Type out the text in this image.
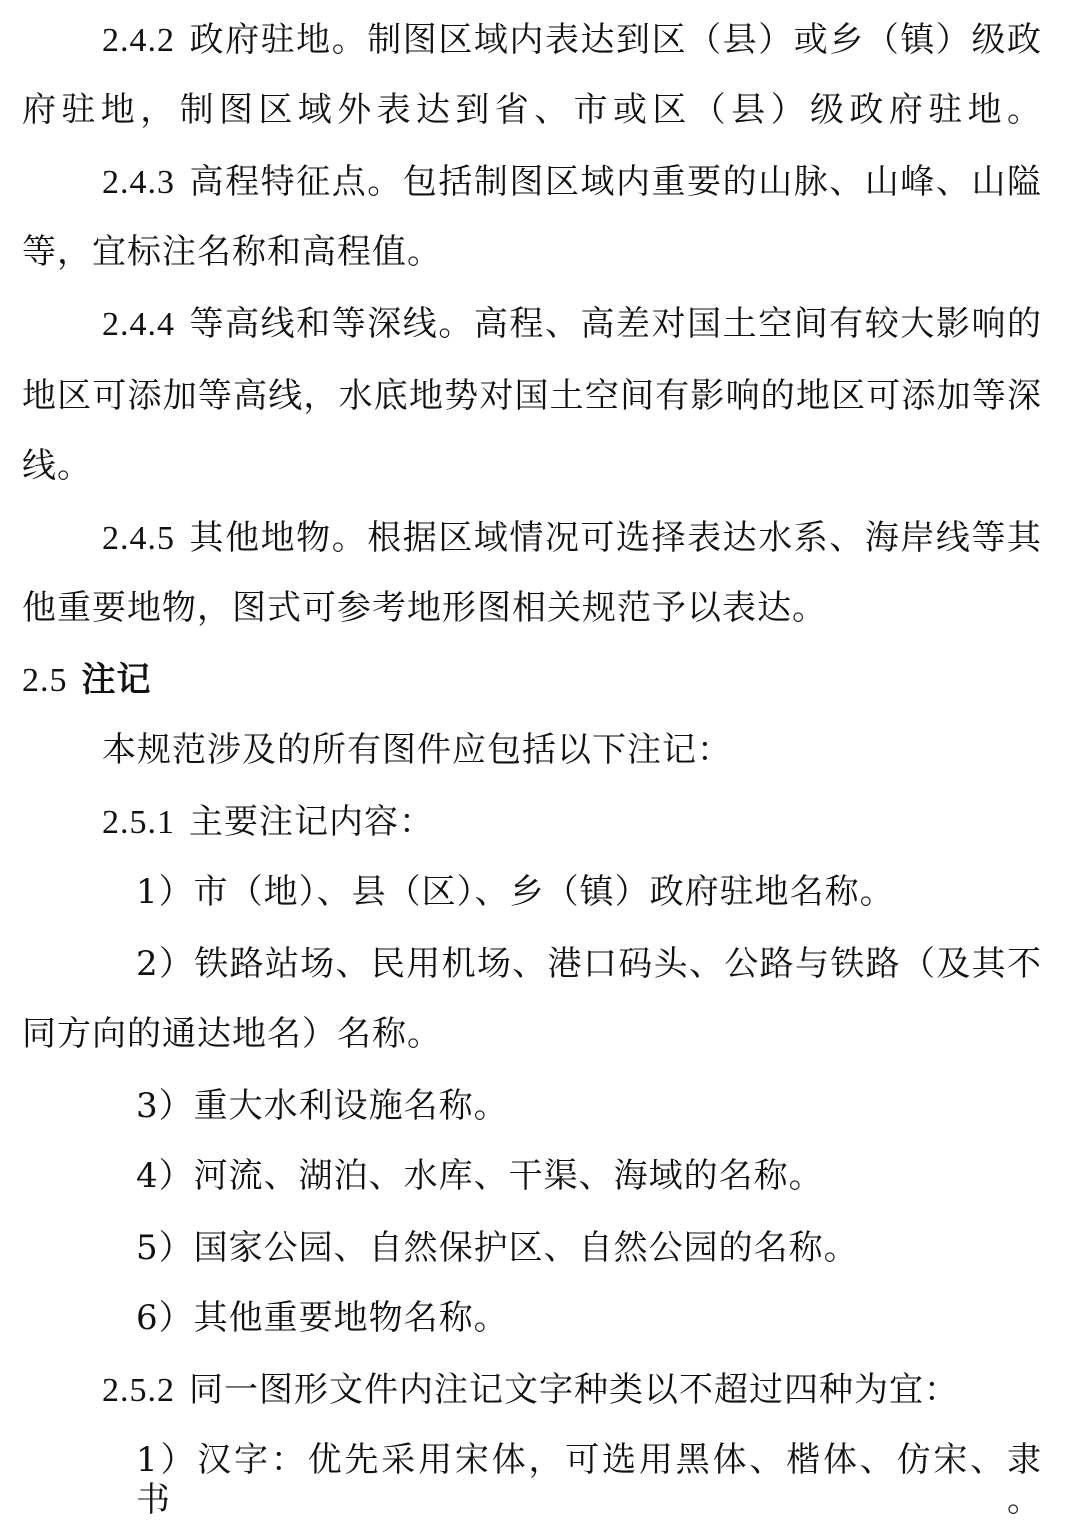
2.4.2 政府驻地。制图区域内表达到区（县）或乡（镇）级政
府驻地，制图区域外表达到省、市或区（县）级政府驻地。
2.4.3 高程特征点。包括制图区域内重要的山脉、山峰、山隘
等，宜标注名称和高程值。
2.4.4 等高线和等深线。高程、高差对国土空间有较大影响的
地区可添加等高线，水底地势对国土空间有影响的地区可添加等深
线。
2.4.5 其他地物。根据区域情况可选择表达水系、海岸线等其
他重要地物，图式可参考地形图相关规范予以表达。
2.5 注记
本规范涉及的所有图件应包括以下注记：
2.5.1 主要注记内容：
1）市（地）、县（区）、乡（镇）政府驻地名称。
2）铁路站场、民用机场、港口码头、公路与铁路（及其不
同方向的通达地名）名称。
3）重大水利设施名称。
4）河流、湖泊、水库、干渠、海域的名称。
5）国家公园、自然保护区、自然公园的名称。
6）其他重要地物名称。
2.5.2 同一图形文件内注记文字种类以不超过四种为宜：
1）汉字：优先采用宋体，可选用黑体、楷体、仿宋、隶书。
